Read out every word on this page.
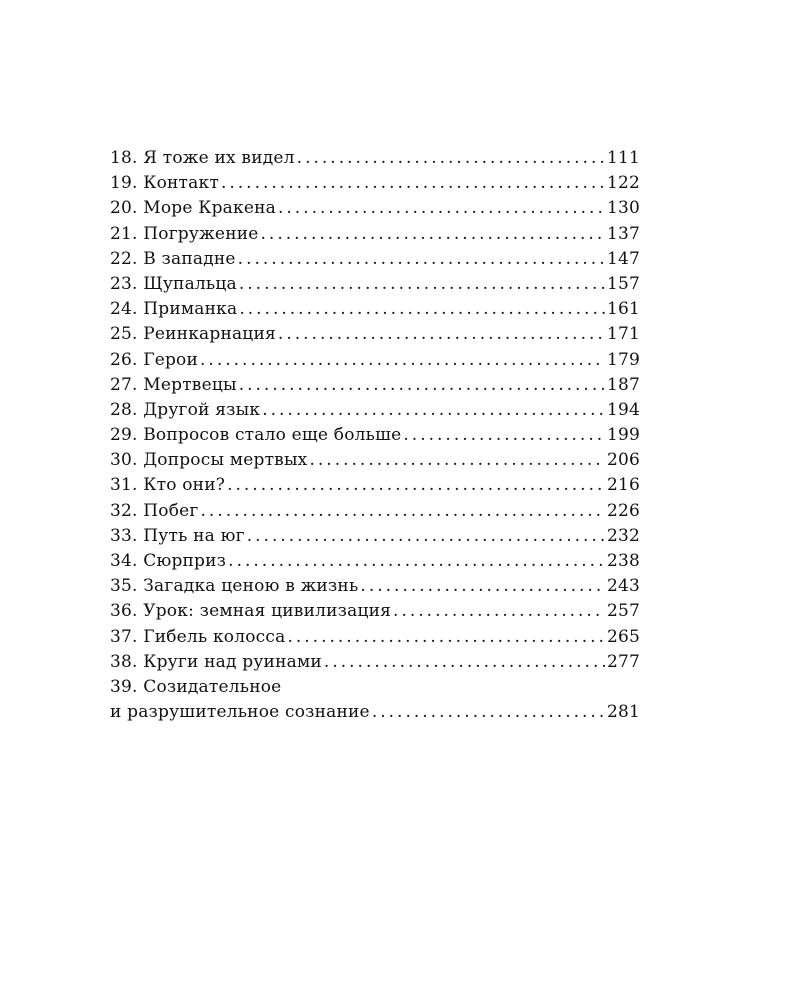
18. Я тоже их видел . . .	111
19. Контакт . . .	122
20. Море Кракена . . .	130
21. Погружение . . .	137
22. В западне . . .	147
23. Щупальца . . .	157
24. Приманка . . .	161
25. Реинкарнация . . .	171
26. Герои . . .	179
27. Мертвецы . . .	187
28. Другой язык . . .	194
29. Вопросов стало еще больше . . .	199
30. Допросы мертвых . . .	206
31. Кто они? . . .	216
32. Побег . . .	226
33. Путь на юг . . .	232
34. Сюрприз . . .	238
35. Загадка ценою в жизнь . . .	243
36. Урок: земная цивилизация . . .	257
37. Гибель колосса . . .	265
38. Круги над руинами . . .	277
39. Созидательное
и разрушительное сознание . . .	281
